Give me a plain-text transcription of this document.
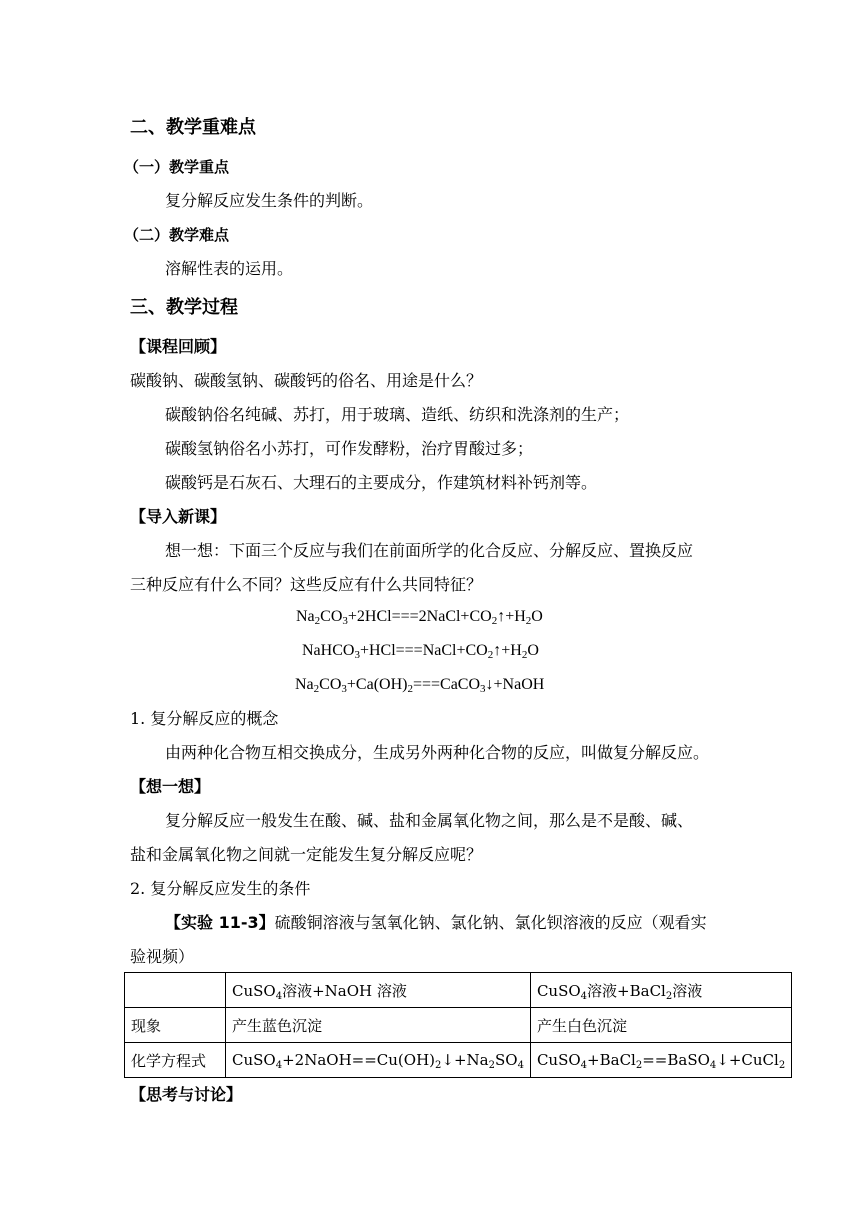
二、教学重难点
（一）教学重点
复分解反应发生条件的判断。
（二）教学难点
溶解性表的运用。
三、教学过程
【课程回顾】
碳酸钠、碳酸氢钠、碳酸钙的俗名、用途是什么？
碳酸钠俗名纯碱、苏打，用于玻璃、造纸、纺织和洗涤剂的生产；
碳酸氢钠俗名小苏打，可作发酵粉，治疗胃酸过多；
碳酸钙是石灰石、大理石的主要成分，作建筑材料补钙剂等。
【导入新课】
想一想：下面三个反应与我们在前面所学的化合反应、分解反应、置换反应
三种反应有什么不同？这些反应有什么共同特征？
$Na_2CO_3+2HCl===2NaCl+CO_2↑+H_2O$
$NaHCO_3+HCl===NaCl+CO_2↑+H_2O$
$Na_2CO_3+Ca(OH)_2===CaCO_3↓+NaOH$
1. 复分解反应的概念
由两种化合物互相交换成分，生成另外两种化合物的反应，叫做复分解反应。
【想一想】
复分解反应一般发生在酸、碱、盐和金属氧化物之间，那么是不是酸、碱、
盐和金属氧化物之间就一定能发生复分解反应呢？
2. 复分解反应发生的条件
【实验 11-3】硫酸铜溶液与氢氧化钠、氯化钠、氯化钡溶液的反应（观看实
验视频）
	CuSO$_4$溶液+NaOH 溶液	CuSO$_4$溶液+BaCl$_2$溶液
现象	产生蓝色沉淀	产生白色沉淀
化学方程式	$CuSO_4+2NaOH==Cu(OH)_2↓+Na_2SO_4$	CuSO$_4$+BaCl$_2$==BaSO$_4$↓+CuCl$_2$
【思考与讨论】
